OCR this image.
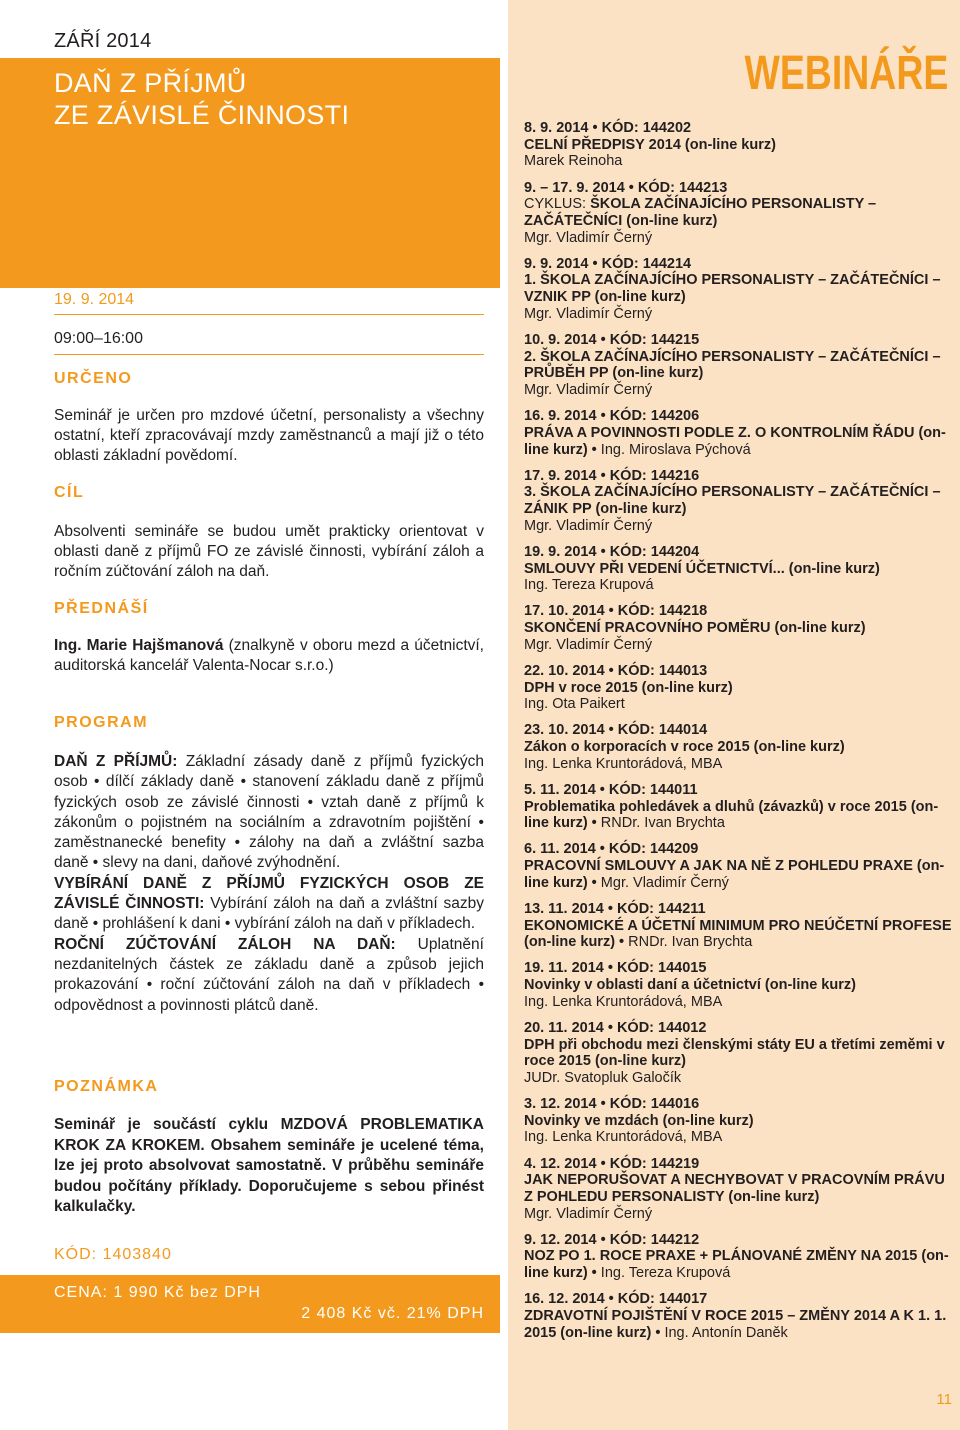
ZÁŘÍ 2014
DAŇ Z PŘÍJMŮ
ZE ZÁVISLÉ ČINNOSTI
19. 9. 2014
09:00–16:00
URČENO
Seminář je určen pro mzdové účetní, personalisty a všechny ostatní, kteří zpracovávají mzdy zaměstnanců a mají již o této oblasti základní povědomí.
CÍL
Absolventi semináře se budou umět prakticky orientovat v oblasti daně z příjmů FO ze závislé činnosti, vybírání záloh a ročním zúčtování záloh na daň.
PŘEDNÁŠÍ
Ing. Marie Hajšmanová (znalkyně v oboru mezd a účetnictví, auditorská kancelář Valenta-Nocar s.r.o.)
PROGRAM
DAŇ Z PŘÍJMŮ: Základní zásady daně z příjmů fyzických osob • dílčí základy daně • stanovení základu daně z příjmů fyzických osob ze závislé činnosti • vztah daně z příjmů k zákonům o pojistném na sociálním a zdravotním pojištění • zaměstnanecké benefity • zálohy na daň a zvláštní sazba daně • slevy na dani, daňové zvýhodnění.
VYBÍRÁNÍ DANĚ Z PŘÍJMŮ FYZICKÝCH OSOB ZE ZÁVISLÉ ČINNOSTI: Vybírání záloh na daň a zvláštní sazby daně • prohlášení k dani • vybírání záloh na daň v příkladech.
ROČNÍ ZÚČTOVÁNÍ ZÁLOH NA DAŇ: Uplatnění nezdanitelných částek ze základu daně a způsob jejich prokazování • roční zúčtování záloh na daň v příkladech • odpovědnost a povinnosti plátců daně.
POZNÁMKA
Seminář je součástí cyklu MZDOVÁ PROBLEMATIKA KROK ZA KROKEM. Obsahem semináře je ucelené téma, lze jej proto absolvovat samostatně. V průběhu semináře budou počítány příklady. Doporučujeme s sebou přinést kalkulačky.
KÓD: 1403840
CENA: 1 990 Kč bez DPH
2 408 Kč vč. 21% DPH
WEBINÁŘE
8. 9. 2014 • KÓD: 144202
CELNÍ PŘEDPISY 2014 (on-line kurz)
Marek Reinoha
9. – 17. 9. 2014 • KÓD: 144213
CYKLUS: ŠKOLA ZAČÍNAJÍCÍHO PERSONALISTY – ZAČÁTEČNÍCI (on-line kurz)
Mgr. Vladimír Černý
9. 9. 2014 • KÓD: 144214
1. ŠKOLA ZAČÍNAJÍCÍHO PERSONALISTY – ZAČÁTEČNÍCI – VZNIK PP (on-line kurz)
Mgr. Vladimír Černý
10. 9. 2014 • KÓD: 144215
2. ŠKOLA ZAČÍNAJÍCÍHO PERSONALISTY – ZAČÁTEČNÍCI – PRŮBĚH PP (on-line kurz)
Mgr. Vladimír Černý
16. 9. 2014 • KÓD: 144206
PRÁVA A POVINNOSTI PODLE Z. O KONTROLNÍM ŘÁDU (on-line kurz) • Ing. Miroslava Pýchová
17. 9. 2014 • KÓD: 144216
3. ŠKOLA ZAČÍNAJÍCÍHO PERSONALISTY – ZAČÁTEČNÍCI – ZÁNIK PP (on-line kurz)
Mgr. Vladimír Černý
19. 9. 2014 • KÓD: 144204
SMLOUVY PŘI VEDENÍ ÚČETNICTVÍ... (on-line kurz)
Ing. Tereza Krupová
17. 10. 2014 • KÓD: 144218
SKONČENÍ PRACOVNÍHO POMĚRU (on-line kurz)
Mgr. Vladimír Černý
22. 10. 2014 • KÓD: 144013
DPH v roce 2015 (on-line kurz)
Ing. Ota Paikert
23. 10. 2014 • KÓD: 144014
Zákon o korporacích v roce 2015 (on-line kurz)
Ing. Lenka Kruntorádová, MBA
5. 11. 2014 • KÓD: 144011
Problematika pohledávek a dluhů (závazků) v roce 2015 (on-line kurz) • RNDr. Ivan Brychta
6. 11. 2014 • KÓD: 144209
PRACOVNÍ SMLOUVY A JAK NA NĚ Z POHLEDU PRAXE (on-line kurz) • Mgr. Vladimír Černý
13. 11. 2014 • KÓD: 144211
EKONOMICKÉ A ÚČETNÍ MINIMUM PRO NEÚČETNÍ PROFESE (on-line kurz) • RNDr. Ivan Brychta
19. 11. 2014 • KÓD: 144015
Novinky v oblasti daní a účetnictví (on-line kurz)
Ing. Lenka Kruntorádová, MBA
20. 11. 2014 • KÓD: 144012
DPH při obchodu mezi členskými státy EU a třetími zeměmi v roce 2015 (on-line kurz)
JUDr. Svatopluk Galočík
3. 12. 2014 • KÓD: 144016
Novinky ve mzdách (on-line kurz)
Ing. Lenka Kruntorádová, MBA
4. 12. 2014 • KÓD: 144219
JAK NEPORUŠOVAT A NECHYBOVAT V PRACOVNÍM PRÁVU Z POHLEDU PERSONALISTY (on-line kurz)
Mgr. Vladimír Černý
9. 12. 2014 • KÓD: 144212
NOZ PO 1. ROCE PRAXE + PLÁNOVANÉ ZMĚNY NA 2015 (on-line kurz) • Ing. Tereza Krupová
16. 12. 2014 • KÓD: 144017
ZDRAVOTNÍ POJIŠTĚNÍ V ROCE 2015 – ZMĚNY 2014 A K 1. 1. 2015 (on-line kurz) • Ing. Antonín Daněk
11
